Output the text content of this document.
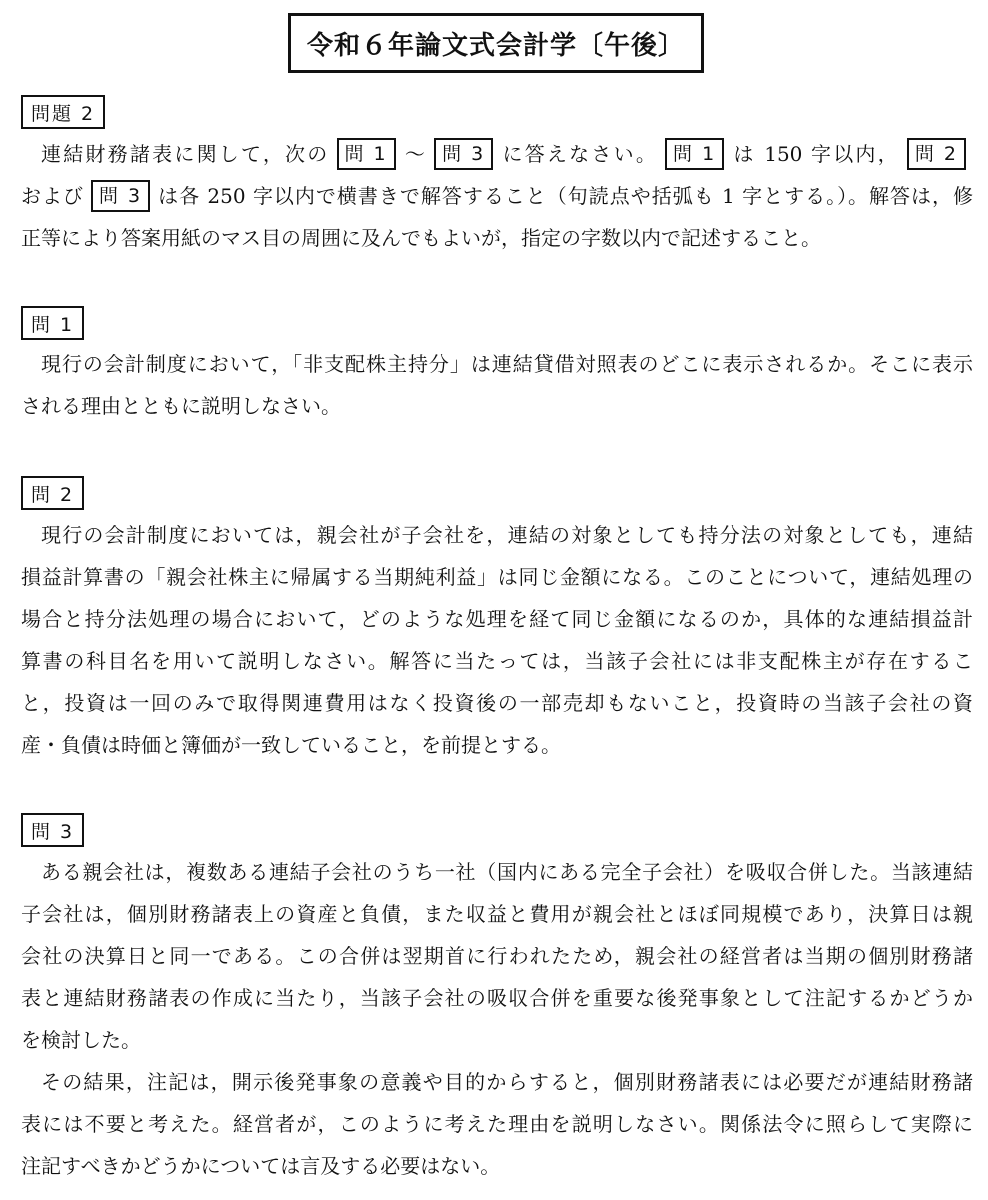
令和６年論文式会計学〔午後〕
問題 2
連結財務諸表に関して，次の 問 1 ～ 問 3 に答えなさい。 問 1 は 150 字以内， 問 2
および 問 3 は各 250 字以内で横書きで解答すること（句読点や括弧も 1 字とする。）。解答は，修
正等により答案用紙のマス目の周囲に及んでもよいが，指定の字数以内で記述すること。
問 1
現行の会計制度において，「非支配株主持分」は連結貸借対照表のどこに表示されるか。そこに表示
される理由とともに説明しなさい。
問 2
現行の会計制度においては，親会社が子会社を，連結の対象としても持分法の対象としても，連結
損益計算書の「親会社株主に帰属する当期純利益」は同じ金額になる。このことについて，連結処理の
場合と持分法処理の場合において，どのような処理を経て同じ金額になるのか，具体的な連結損益計
算書の科目名を用いて説明しなさい。解答に当たっては，当該子会社には非支配株主が存在するこ
と，投資は一回のみで取得関連費用はなく投資後の一部売却もないこと，投資時の当該子会社の資
産・負債は時価と簿価が一致していること，を前提とする。
問 3
ある親会社は，複数ある連結子会社のうち一社（国内にある完全子会社）を吸収合併した。当該連結
子会社は，個別財務諸表上の資産と負債，また収益と費用が親会社とほぼ同規模であり，決算日は親
会社の決算日と同一である。この合併は翌期首に行われたため，親会社の経営者は当期の個別財務諸
表と連結財務諸表の作成に当たり，当該子会社の吸収合併を重要な後発事象として注記するかどうか
を検討した。
その結果，注記は，開示後発事象の意義や目的からすると，個別財務諸表には必要だが連結財務諸
表には不要と考えた。経営者が，このように考えた理由を説明しなさい。関係法令に照らして実際に
注記すべきかどうかについては言及する必要はない。
